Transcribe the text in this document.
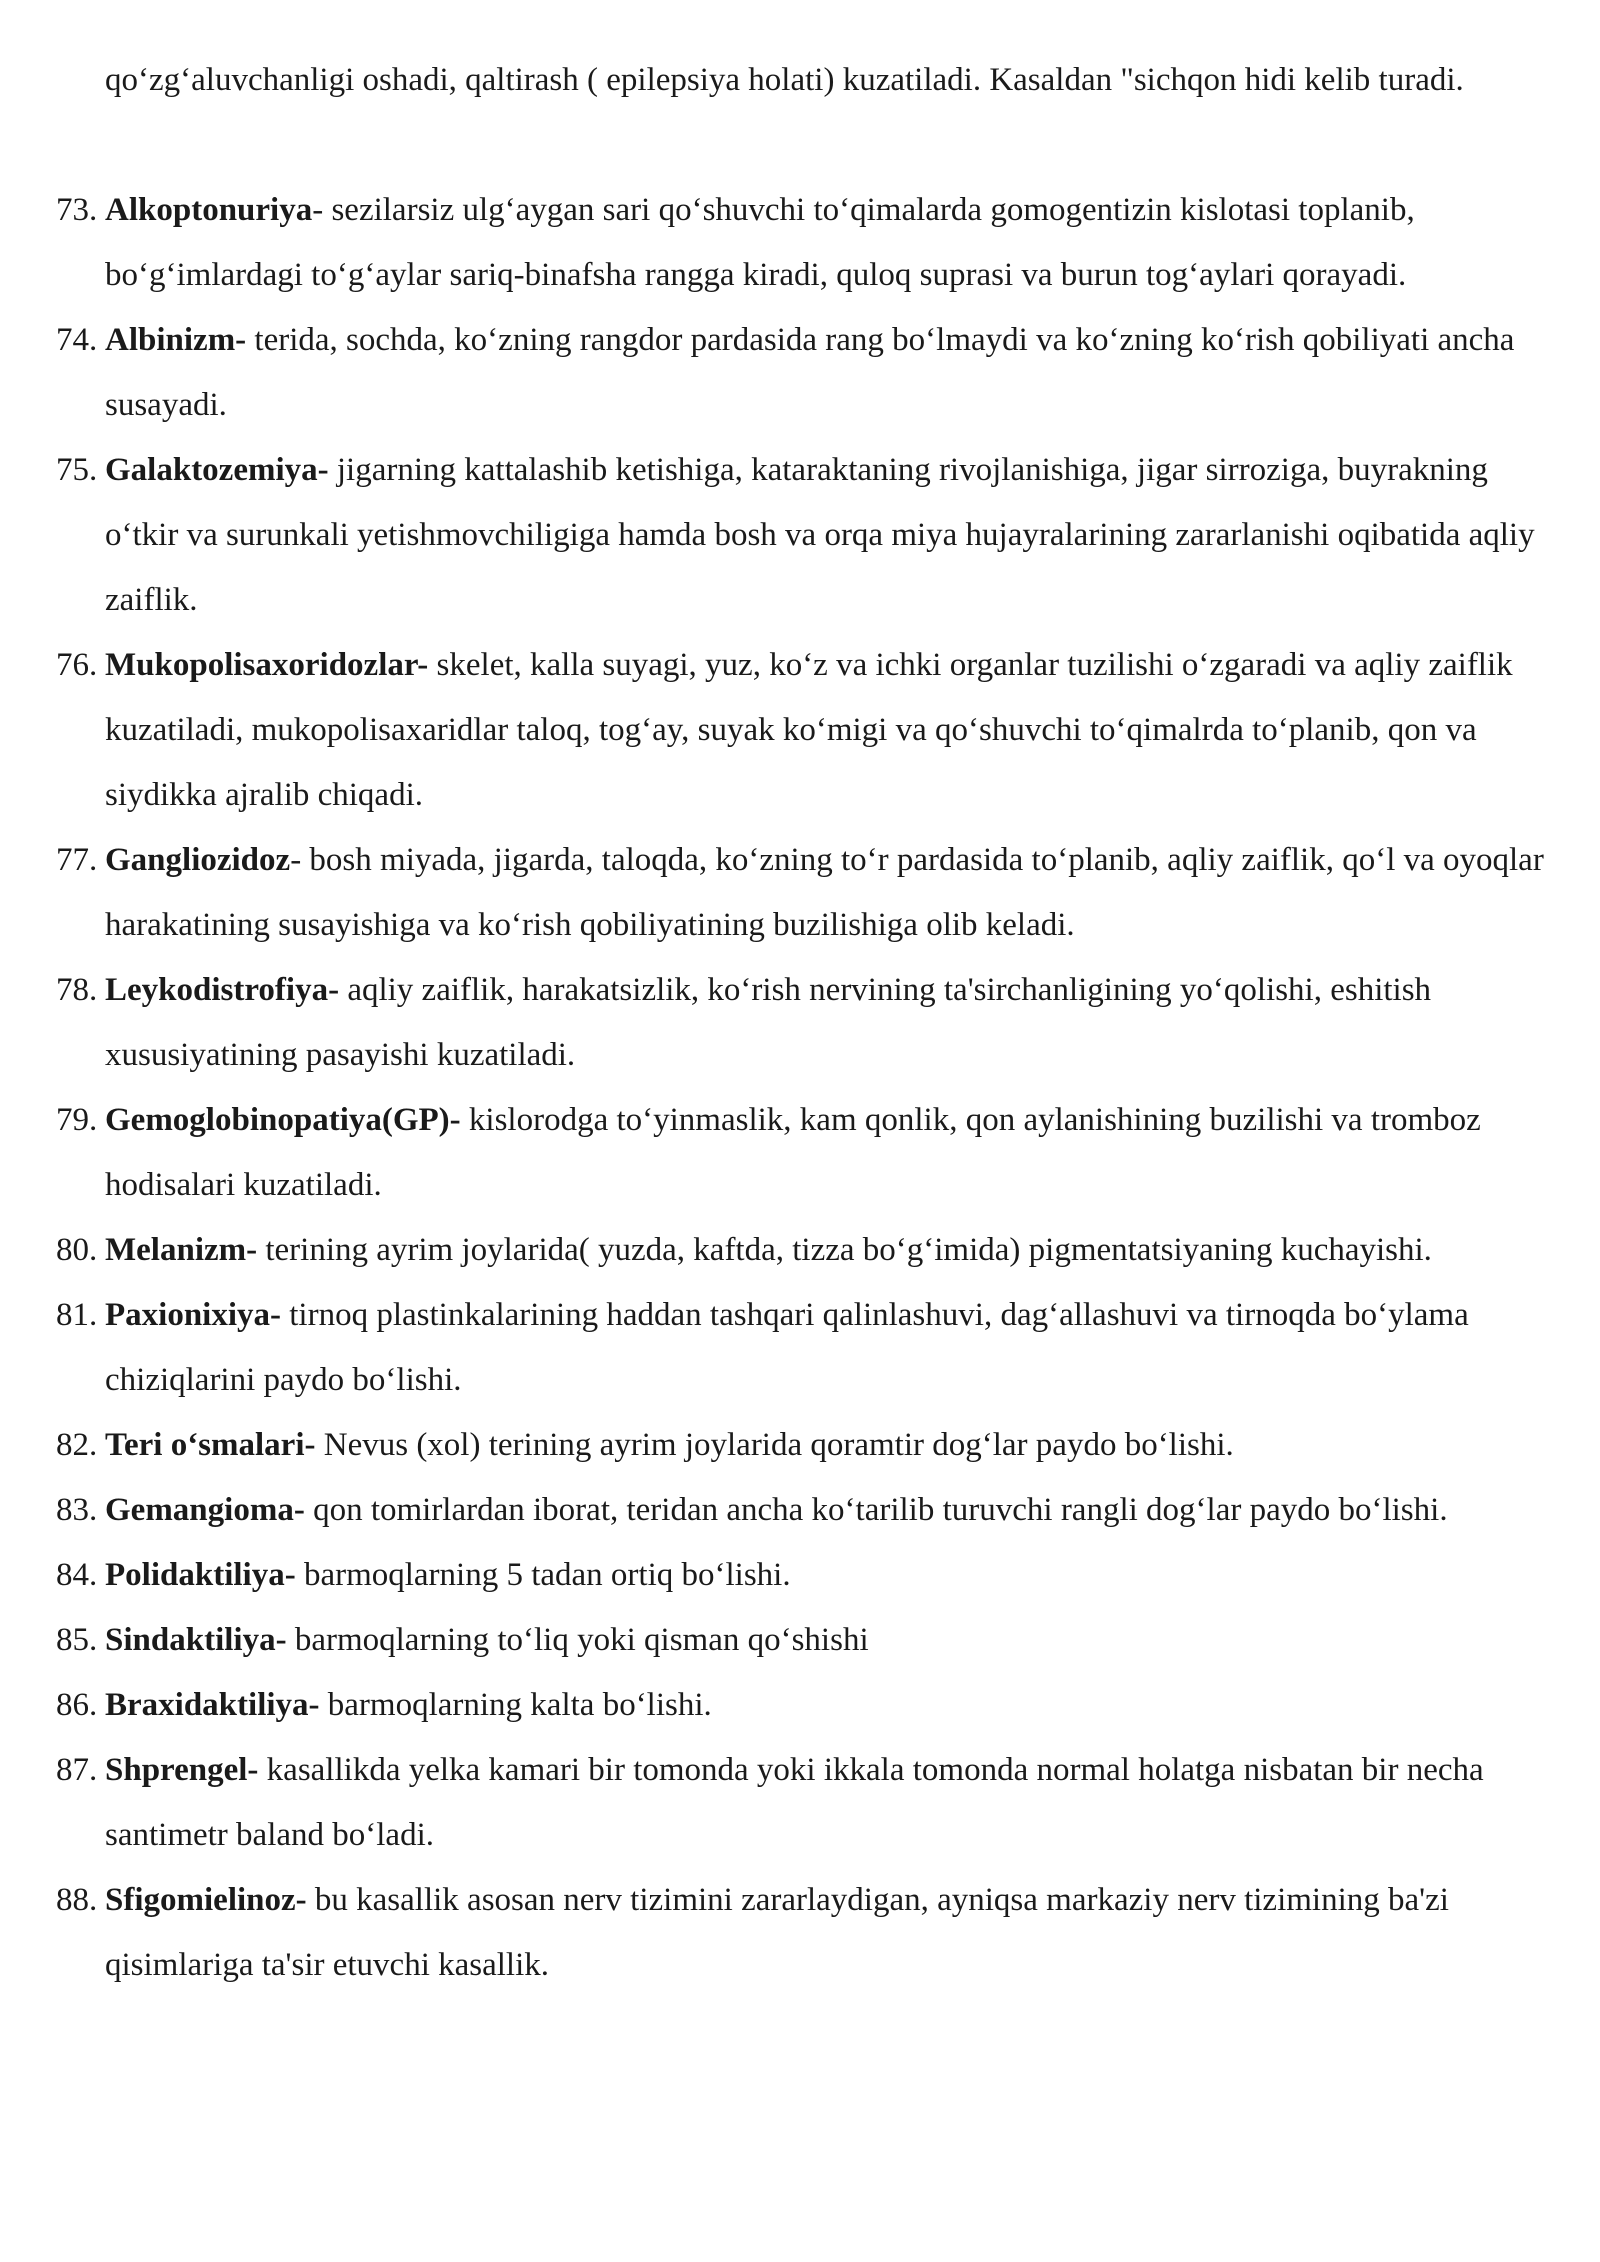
qo‘zg‘aluvchanligi oshadi, qaltirash ( epilepsiya holati) kuzatiladi. Kasaldan "sichqon hidi kelib turadi.
73. Alkoptonuriya- sezilarsiz ulg‘aygan sari qo‘shuvchi to‘qimalarda gomogentizin kislotasi toplanib, bo‘g‘imlardagi to‘g‘aylar sariq-binafsha rangga kiradi, quloq suprasi va burun tog‘aylari qorayadi.
74. Albinizm- terida, sochda, ko‘zning rangdor pardasida rang bo‘lmaydi va ko‘zning ko‘rish qobiliyati ancha susayadi.
75. Galaktozemiya- jigarning kattalashib ketishiga, kataraktaning rivojlanishiga, jigar sirroziga, buyrakning o‘tkir va surunkali yetishmovchiligiga hamda bosh va orqa miya hujayralarining zararlanishi oqibatida aqliy zaiflik.
76. Mukopolisaxoridozlar- skelet, kalla suyagi, yuz, ko‘z va ichki organlar tuzilishi o‘zgaradi va aqliy zaiflik kuzatiladi, mukopolisaxaridlar taloq, tog‘ay, suyak ko‘migi va qo‘shuvchi to‘qimalrda to‘planib, qon va siydikka ajralib chiqadi.
77. Gangliozidoz- bosh miyada, jigarda, taloqda, ko‘zning to‘r pardasida to‘planib, aqliy zaiflik, qo‘l va oyoqlar harakatining susayishiga va ko‘rish qobiliyatining buzilishiga olib keladi.
78. Leykodistrofiya- aqliy zaiflik, harakatsizlik, ko‘rish nervining ta'sirchanligining yo‘qolishi, eshitish xususiyatining pasayishi kuzatiladi.
79. Gemoglobinopatiya(GP)- kislorodga to‘yinmaslik, kam qonlik, qon aylanishining buzilishi va tromboz hodisalari kuzatiladi.
80. Melanizm- terining ayrim joylarida( yuzda, kaftda, tizza bo‘g‘imida) pigmentatsiyaning kuchayishi.
81. Paxionixiya- tirnoq plastinkalarining haddan tashqari qalinlashuvi, dag‘allashuvi va tirnoqda bo‘ylama chiziqlarini paydo bo‘lishi.
82. Teri o‘smalari- Nevus (xol) terining ayrim joylarida qoramtir dog‘lar paydo bo‘lishi.
83. Gemangioma- qon tomirlardan iborat, teridan ancha ko‘tarilib turuvchi rangli dog‘lar paydo bo‘lishi.
84. Polidaktiliya- barmoqlarning 5 tadan ortiq bo‘lishi.
85. Sindaktiliya- barmoqlarning to‘liq yoki qisman qo‘shishi
86. Braxidaktiliya- barmoqlarning kalta bo‘lishi.
87. Shprengel- kasallikda yelka kamari bir tomonda yoki ikkala tomonda normal holatga nisbatan bir necha santimetr baland bo‘ladi.
88. Sfigomielinoz- bu kasallik asosan nerv tizimini zararlaydigan, ayniqsa markaziy nerv tizimining ba'zi qisimlariga ta'sir etuvchi kasallik.
